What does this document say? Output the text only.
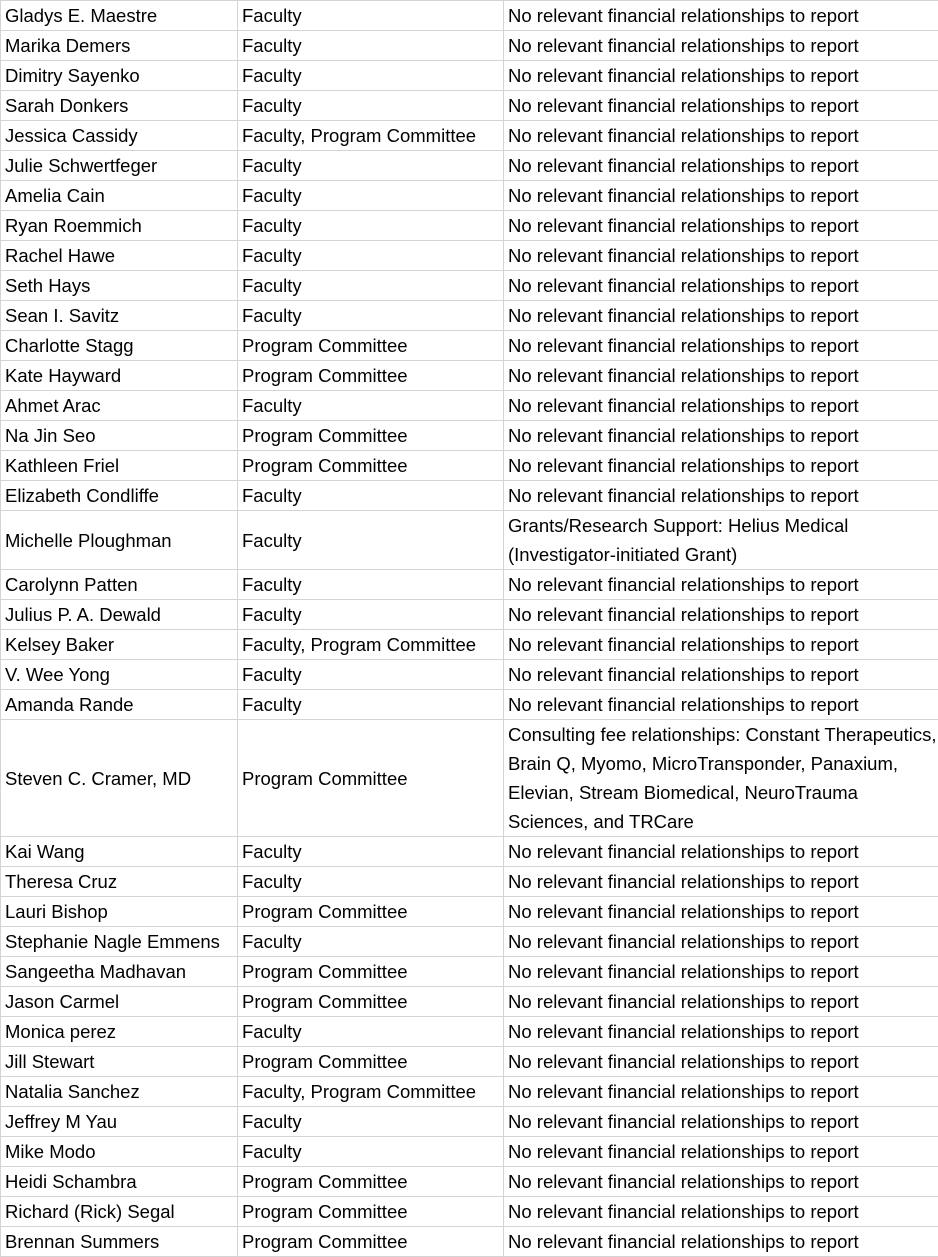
Gladys E. Maestre	Faculty	No relevant financial relationships to report
Marika Demers	Faculty	No relevant financial relationships to report
Dimitry Sayenko	Faculty	No relevant financial relationships to report
Sarah Donkers	Faculty	No relevant financial relationships to report
Jessica Cassidy	Faculty, Program Committee	No relevant financial relationships to report
Julie Schwertfeger	Faculty	No relevant financial relationships to report
Amelia Cain	Faculty	No relevant financial relationships to report
Ryan Roemmich	Faculty	No relevant financial relationships to report
Rachel Hawe	Faculty	No relevant financial relationships to report
Seth Hays	Faculty	No relevant financial relationships to report
Sean I. Savitz	Faculty	No relevant financial relationships to report
Charlotte Stagg	Program Committee	No relevant financial relationships to report
Kate Hayward	Program Committee	No relevant financial relationships to report
Ahmet Arac	Faculty	No relevant financial relationships to report
Na Jin Seo	Program Committee	No relevant financial relationships to report
Kathleen Friel	Program Committee	No relevant financial relationships to report
Elizabeth Condliffe	Faculty	No relevant financial relationships to report
Michelle Ploughman	Faculty	Grants/Research Support: Helius Medical (Investigator-initiated Grant)
Carolynn Patten	Faculty	No relevant financial relationships to report
Julius P. A. Dewald	Faculty	No relevant financial relationships to report
Kelsey Baker	Faculty, Program Committee	No relevant financial relationships to report
V. Wee Yong	Faculty	No relevant financial relationships to report
Amanda Rande	Faculty	No relevant financial relationships to report
Steven C. Cramer, MD	Program Committee	Consulting fee relationships: Constant Therapeutics, Brain Q, Myomo, MicroTransponder, Panaxium, Elevian, Stream Biomedical, NeuroTrauma Sciences, and TRCare
Kai Wang	Faculty	No relevant financial relationships to report
Theresa Cruz	Faculty	No relevant financial relationships to report
Lauri Bishop	Program Committee	No relevant financial relationships to report
Stephanie Nagle Emmens	Faculty	No relevant financial relationships to report
Sangeetha Madhavan	Program Committee	No relevant financial relationships to report
Jason Carmel	Program Committee	No relevant financial relationships to report
Monica perez	Faculty	No relevant financial relationships to report
Jill Stewart	Program Committee	No relevant financial relationships to report
Natalia Sanchez	Faculty, Program Committee	No relevant financial relationships to report
Jeffrey M Yau	Faculty	No relevant financial relationships to report
Mike Modo	Faculty	No relevant financial relationships to report
Heidi Schambra	Program Committee	No relevant financial relationships to report
Richard (Rick) Segal	Program Committee	No relevant financial relationships to report
Brennan Summers	Program Committee	No relevant financial relationships to report
